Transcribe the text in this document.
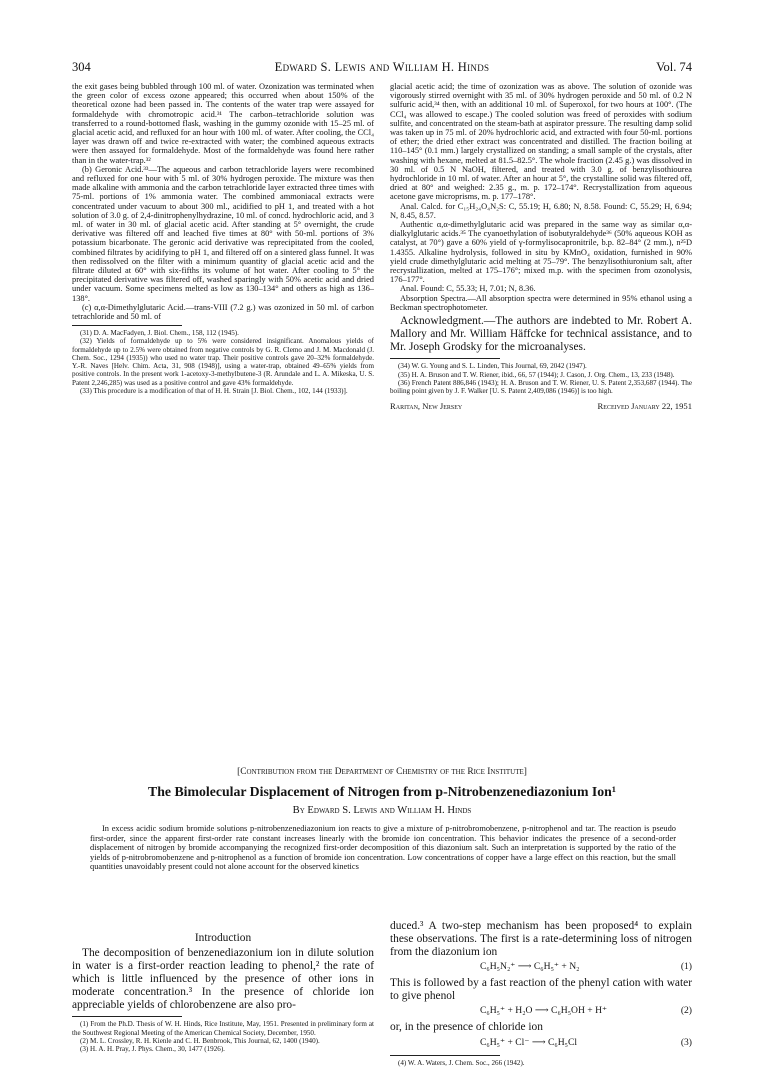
304	Edward S. Lewis and William H. Hinds	Vol. 74

the exit gases being bubbled through 100 ml. of water. Ozonization was terminated when the green color of excess ozone appeared; this occurred when about 150% of the theoretical ozone had been passed in. The contents of the water trap were assayed for formaldehyde with chromotropic acid.³¹ The carbon–tetrachloride solution was transferred to a round-bottomed flask, washing in the gummy ozonide with 15–25 ml. of glacial acetic acid, and refluxed for an hour with 100 ml. of water. After cooling, the CCl₄ layer was drawn off and twice re-extracted with water; the combined aqueous extracts were then assayed for formaldehyde. Most of the formaldehyde was found here rather than in the water-trap.³²

(b) Geronic Acid.³³—The aqueous and carbon tetrachloride layers were recombined and refluxed for one hour with 5 ml. of 30% hydrogen peroxide. The mixture was then made alkaline with ammonia and the carbon tetrachloride layer extracted three times with 75-ml. portions of 1% ammonia water. The combined ammoniacal extracts were concentrated under vacuum to about 300 ml., acidified to pH 1, and treated with a hot solution of 3.0 g. of 2,4-dinitrophenylhydrazine, 10 ml. of concd. hydrochloric acid, and 3 ml. of water in 30 ml. of glacial acetic acid. After standing at 5° overnight, the crude derivative was filtered off and leached five times at 80° with 50-ml. portions of 3% potassium bicarbonate. The geronic acid derivative was reprecipitated from the cooled, combined filtrates by acidifying to pH 1, and filtered off on a sintered glass funnel. It was then redissolved on the filter with a minimum quantity of glacial acetic acid and the filtrate diluted at 60° with six-fifths its volume of hot water. After cooling to 5° the precipitated derivative was filtered off, washed sparingly with 50% acetic acid and dried under vacuum. Some specimens melted as low as 130–134° and others as high as 136–138°.

(c) α,α-Dimethylglutaric Acid.—trans-VIII (7.2 g.) was ozonized in 50 ml. of carbon tetrachloride and 50 ml. of

(31) D. A. MacFadyen, J. Biol. Chem., 158, 112 (1945).

(32) Yields of formaldehyde up to 5% were considered insignificant. Anomalous yields of formaldehyde up to 2.5% were obtained from negative controls by G. R. Clemo and J. M. Macdonald (J. Chem. Soc., 1294 (1935)) who used no water trap. Their positive controls gave 20–32% formaldehyde. Y.-R. Naves [Helv. Chim. Acta, 31, 908 (1948)], using a water-trap, obtained 49–65% yields from positive controls. In the present work 1-acetoxy-3-methylbutene-3 (R. Arundale and L. A. Mikeska, U. S. Patent 2,246,285) was used as a positive control and gave 43% formaldehyde.

(33) This procedure is a modification of that of H. H. Strain [J. Biol. Chem., 102, 144 (1933)].

glacial acetic acid; the time of ozonization was as above. The solution of ozonide was vigorously stirred overnight with 35 ml. of 30% hydrogen peroxide and 50 ml. of 0.2 N sulfuric acid,³⁴ then, with an additional 10 ml. of Superoxol, for two hours at 100°. (The CCl₄ was allowed to escape.) The cooled solution was freed of peroxides with sodium sulfite, and concentrated on the steam-bath at aspirator pressure. The resulting damp solid was taken up in 75 ml. of 20% hydrochloric acid, and extracted with four 50-ml. portions of ether; the dried ether extract was concentrated and distilled. The fraction boiling at 110–145° (0.1 mm.) largely crystallized on standing; a small sample of the crystals, after washing with hexane, melted at 81.5–82.5°. The whole fraction (2.45 g.) was dissolved in 30 ml. of 0.5 N NaOH, filtered, and treated with 3.0 g. of benzylisothiourea hydrochloride in 10 ml. of water. After an hour at 5°, the crystalline solid was filtered off, dried at 80° and weighed: 2.35 g., m. p. 172–174°. Recrystallization from aqueous acetone gave microprisms, m. p. 177–178°.

Anal. Calcd. for C₁₅H₂₄O₄N₂S: C, 55.19; H, 6.80; N, 8.58. Found: C, 55.29; H, 6.94; N, 8.45, 8.57.

Authentic α,α-dimethylglutaric acid was prepared in the same way as similar α,α-dialkylglutaric acids.³⁵ The cyanoethylation of isobutyraldehyde³⁶ (50% aqueous KOH as catalyst, at 70°) gave a 60% yield of γ-formylisocapronitrile, b.p. 82–84° (2 mm.), n²⁵D 1.4355. Alkaline hydrolysis, followed in situ by KMnO₄ oxidation, furnished in 90% yield crude dimethylglutaric acid melting at 75–79°. The benzylisothiuronium salt, after recrystallization, melted at 175–176°; mixed m.p. with the specimen from ozonolysis, 176–177°.

Anal. Found: C, 55.33; H, 7.01; N, 8.36.

Absorption Spectra.—All absorption spectra were determined in 95% ethanol using a Beckman spectrophotometer.

Acknowledgment.—The authors are indebted to Mr. Robert A. Mallory and Mr. William Häffcke for technical assistance, and to Mr. Joseph Grodsky for the microanalyses.

(34) W. G. Young and S. L. Linden, This Journal, 69, 2042 (1947).

(35) H. A. Bruson and T. W. Riener, ibid., 66, 57 (1944); J. Cason, J. Org. Chem., 13, 233 (1948).

(36) French Patent 886,846 (1943); H. A. Bruson and T. W. Riener, U. S. Patent 2,353,687 (1944). The boiling point given by J. F. Walker [U. S. Patent 2,409,086 (1946)] is too high.

Raritan, New Jersey	Received January 22, 1951
[Contribution from the Department of Chemistry of the Rice Institute]
The Bimolecular Displacement of Nitrogen from p-Nitrobenzenediazonium Ion¹
By Edward S. Lewis and William H. Hinds

In excess acidic sodium bromide solutions p-nitrobenzenediazonium ion reacts to give a mixture of p-nitrobromobenzene, p-nitrophenol and tar. The reaction is pseudo first-order, since the apparent first-order rate constant increases linearly with the bromide ion concentration. This behavior indicates the presence of a second-order displacement of nitrogen by bromide accompanying the recognized first-order decomposition of this diazonium salt. Such an interpretation is supported by the ratio of the yields of p-nitrobromobenzene and p-nitrophenol as a function of bromide ion concentration. Low concentrations of copper have a large effect on this reaction, but the small quantities unavoidably present could not alone account for the observed kinetics

Introduction

The decomposition of benzenediazonium ion in dilute solution in water is a first-order reaction leading to phenol,² the rate of which is little influenced by the presence of other ions in moderate concentration.³ In the presence of chloride ion appreciable yields of chlorobenzene are also pro-

(1) From the Ph.D. Thesis of W. H. Hinds, Rice Institute, May, 1951. Presented in preliminary form at the Southwest Regional Meeting of the American Chemical Society, December, 1950.

(2) M. L. Crossley, R. H. Kienle and C. H. Benbrook, This Journal, 62, 1400 (1940).

(3) H. A. H. Pray, J. Phys. Chem., 30, 1477 (1926).

duced.³ A two-step mechanism has been proposed⁴ to explain these observations. The first is a rate-determining loss of nitrogen from the diazonium ion

C₆H₅N₂⁺ ⟶ C₆H₅⁺ + N₂	(1)

This is followed by a fast reaction of the phenyl cation with water to give phenol

C₆H₅⁺ + H₂O ⟶ C₆H₅OH + H⁺	(2)

or, in the presence of chloride ion

C₆H₅⁺ + Cl⁻ ⟶ C₆H₅Cl	(3)

(4) W. A. Waters, J. Chem. Soc., 266 (1942).
